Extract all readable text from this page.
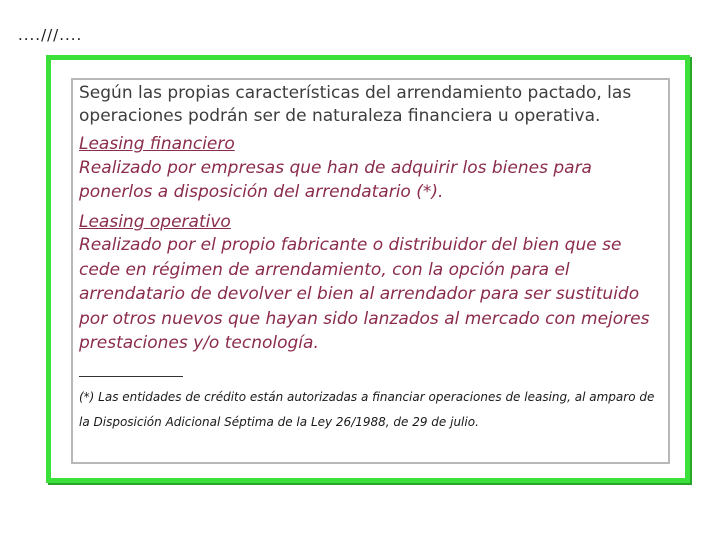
....///....

Según las propias características del arrendamiento pactado, las operaciones podrán ser de naturaleza financiera u operativa.

Leasing financiero
Realizado por empresas que han de adquirir los bienes para ponerlos a disposición del arrendatario (*).
Leasing operativo
Realizado por el propio fabricante o distribuidor del bien que se cede en régimen de arrendamiento, con la opción para el arrendatario de devolver el bien al arrendador para ser sustituido por otros nuevos que hayan sido lanzados al mercado con mejores prestaciones y/o tecnología.

(*) Las entidades de crédito están autorizadas a financiar operaciones de leasing, al amparo de la Disposición Adicional Séptima de la Ley 26/1988, de 29 de julio.
